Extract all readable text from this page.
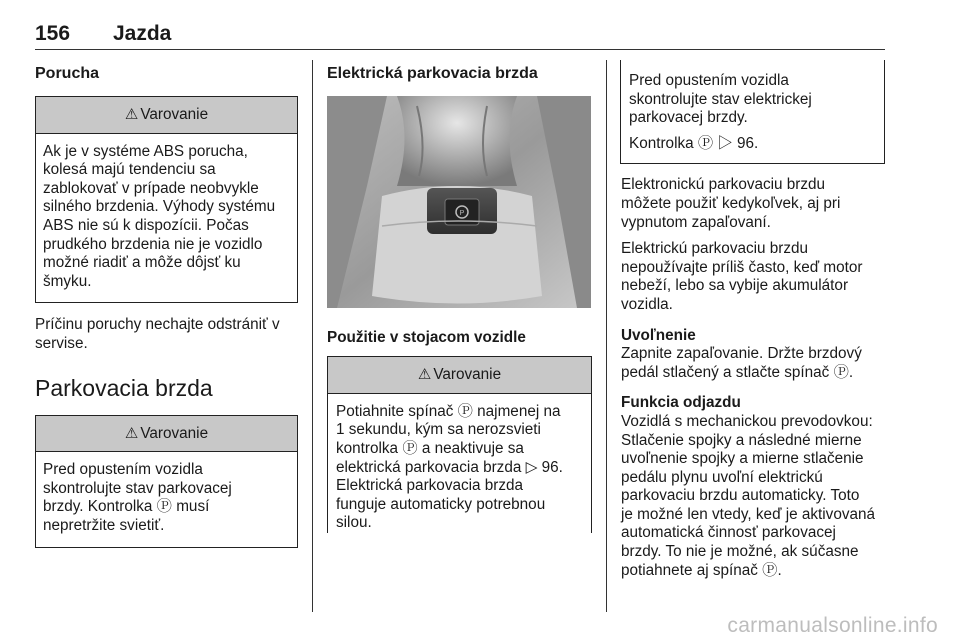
156 Jazda

Porucha

⚠ Varovanie

Ak je v systéme ABS porucha,

kolesá majú tendenciu sa

zablokovať v prípade neobvykle

silného brzdenia. Výhody systému

ABS nie sú k dispozícii. Počas

prudkého brzdenia nie je vozidlo

možné riadiť a môže dôjsť ku

šmyku.

Príčinu poruchy nechajte odstrániť v

servise.

Parkovacia brzda

⚠ Varovanie

Pred opustením vozidla

skontrolujte stav parkovacej

brzdy. Kontrolka Ⓟ musí

nepretržite svietiť.

Elektrická parkovacia brzda

P

Použitie v stojacom vozidle

⚠ Varovanie

Potiahnite spínač Ⓟ najmenej na

1 sekundu, kým sa nerozsvieti

kontrolka Ⓟ a neaktivuje sa

elektrická parkovacia brzda ▷ 96.

Elektrická parkovacia brzda

funguje automaticky potrebnou

silou.

Pred opustením vozidla

skontrolujte stav elektrickej

parkovacej brzdy.

Kontrolka Ⓟ ▷ 96.

Elektronickú parkovaciu brzdu

môžete použiť kedykoľvek, aj pri

vypnutom zapaľovaní.

Elektrickú parkovaciu brzdu

nepoužívajte príliš často, keď motor

nebeží, lebo sa vybije akumulátor

vozidla.

Uvoľnenie

Zapnite zapaľovanie. Držte brzdový

pedál stlačený a stlačte spínač Ⓟ.

Funkcia odjazdu

Vozidlá s mechanickou prevodovkou:

Stlačenie spojky a následné mierne

uvoľnenie spojky a mierne stlačenie

pedálu plynu uvoľní elektrickú

parkovaciu brzdu automaticky. Toto

je možné len vtedy, keď je aktivovaná

automatická činnosť parkovacej

brzdy. To nie je možné, ak súčasne

potiahnete aj spínač Ⓟ.

carmanualsonline.info
